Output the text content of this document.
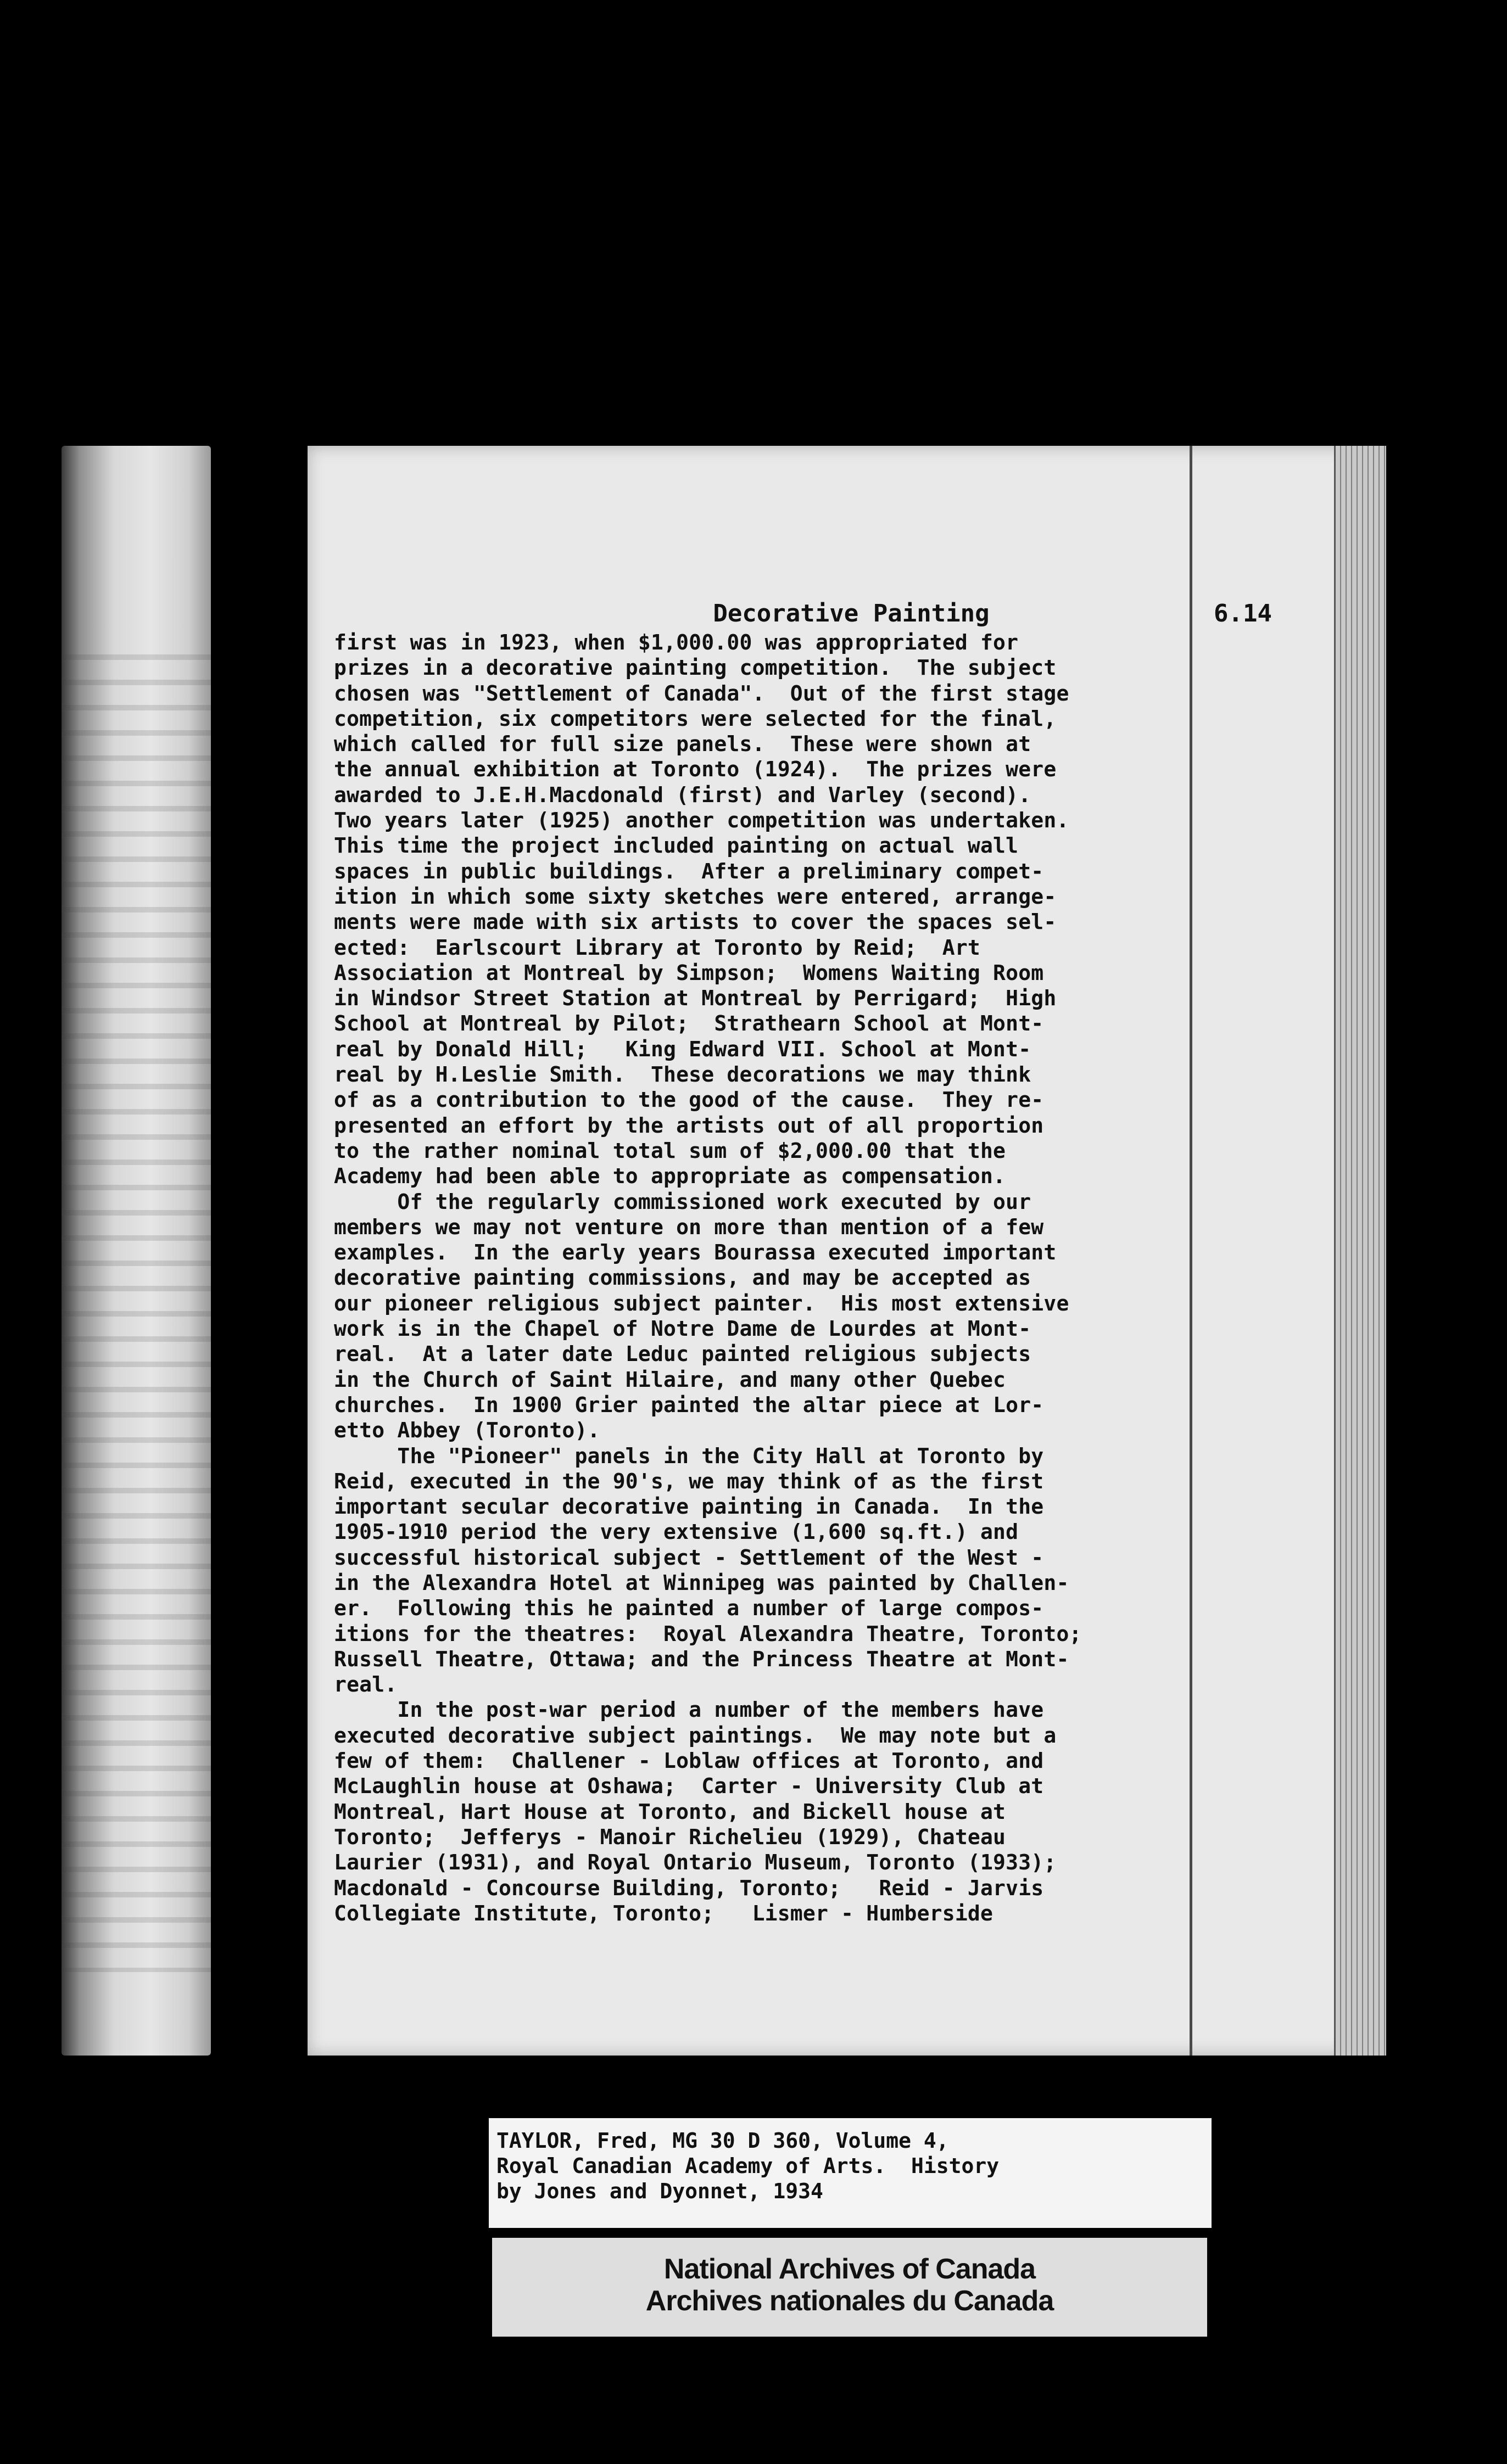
Decorative Painting	6.14
first was in 1923, when $1,000.00 was appropriated for
prizes in a decorative painting competition.  The subject
chosen was "Settlement of Canada".  Out of the first stage
competition, six competitors were selected for the final,
which called for full size panels.  These were shown at
the annual exhibition at Toronto (1924).  The prizes were
awarded to J.E.H.Macdonald (first) and Varley (second).
Two years later (1925) another competition was undertaken.
This time the project included painting on actual wall
spaces in public buildings.  After a preliminary compet-
ition in which some sixty sketches were entered, arrange-
ments were made with six artists to cover the spaces sel-
ected:  Earlscourt Library at Toronto by Reid;  Art
Association at Montreal by Simpson;  Womens Waiting Room
in Windsor Street Station at Montreal by Perrigard;  High
School at Montreal by Pilot;  Strathearn School at Mont-
real by Donald Hill;   King Edward VII. School at Mont-
real by H.Leslie Smith.  These decorations we may think
of as a contribution to the good of the cause.  They re-
presented an effort by the artists out of all proportion
to the rather nominal total sum of $2,000.00 that the
Academy had been able to appropriate as compensation.
Of the regularly commissioned work executed by our
members we may not venture on more than mention of a few
examples.  In the early years Bourassa executed important
decorative painting commissions, and may be accepted as
our pioneer religious subject painter.  His most extensive
work is in the Chapel of Notre Dame de Lourdes at Mont-
real.  At a later date Leduc painted religious subjects
in the Church of Saint Hilaire, and many other Quebec
churches.  In 1900 Grier painted the altar piece at Lor-
etto Abbey (Toronto).
The "Pioneer" panels in the City Hall at Toronto by
Reid, executed in the 90's, we may think of as the first
important secular decorative painting in Canada.  In the
1905-1910 period the very extensive (1,600 sq.ft.) and
successful historical subject - Settlement of the West -
in the Alexandra Hotel at Winnipeg was painted by Challen-
er.  Following this he painted a number of large compos-
itions for the theatres:  Royal Alexandra Theatre, Toronto;
Russell Theatre, Ottawa; and the Princess Theatre at Mont-
real.
In the post-war period a number of the members have
executed decorative subject paintings.  We may note but a
few of them:  Challener - Loblaw offices at Toronto, and
McLaughlin house at Oshawa;  Carter - University Club at
Montreal, Hart House at Toronto, and Bickell house at
Toronto;  Jefferys - Manoir Richelieu (1929), Chateau
Laurier (1931), and Royal Ontario Museum, Toronto (1933);
Macdonald - Concourse Building, Toronto;   Reid - Jarvis
Collegiate Institute, Toronto;   Lismer - Humberside
TAYLOR, Fred, MG 30 D 360, Volume 4,
Royal Canadian Academy of Arts.  History
by Jones and Dyonnet, 1934
National Archives of Canada
Archives nationales du Canada
